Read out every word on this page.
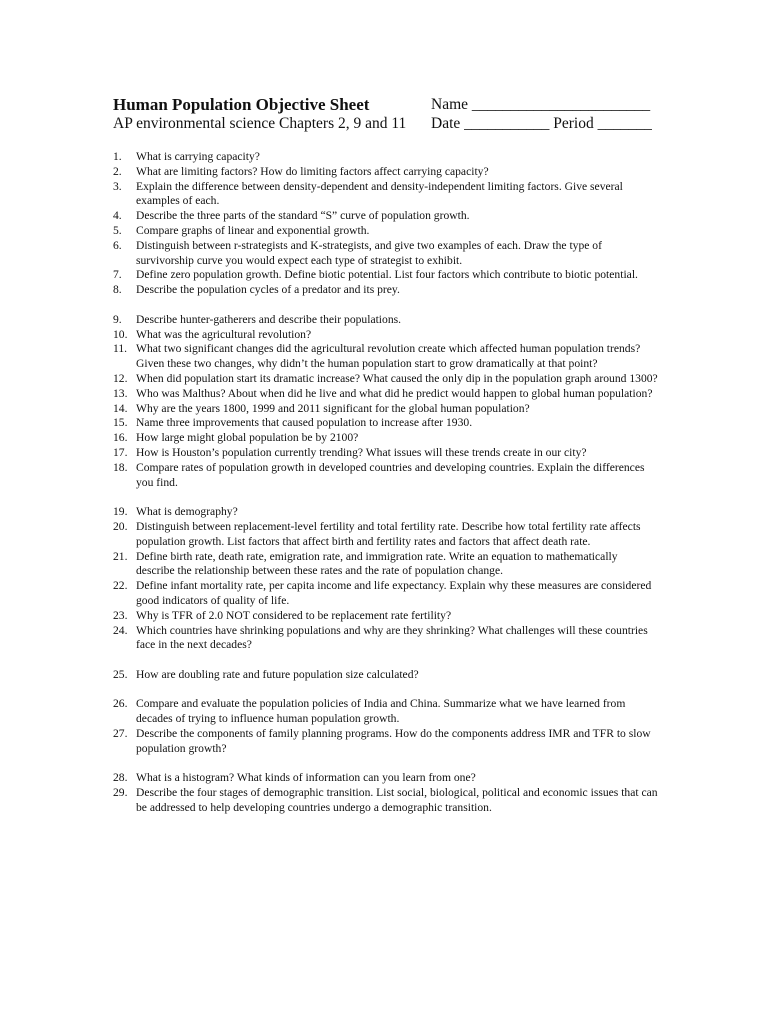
Human Population Objective Sheet
AP environmental science Chapters 2, 9 and 11
Name _______________________
Date ___________ Period _______
1.	What is carrying capacity?
2.	What are limiting factors? How do limiting factors affect carrying capacity?
3.	Explain the difference between density-dependent and density-independent limiting factors. Give several examples of each.
4.	Describe the three parts of the standard “S” curve of population growth.
5.	Compare graphs of linear and exponential growth.
6.	Distinguish between r-strategists and K-strategists, and give two examples of each. Draw the type of survivorship curve you would expect each type of strategist to exhibit.
7.	Define zero population growth. Define biotic potential. List four factors which contribute to biotic potential.
8.	Describe the population cycles of a predator and its prey.
9.	Describe hunter-gatherers and describe their populations.
10. What was the agricultural revolution?
11. What two significant changes did the agricultural revolution create which affected human population trends? Given these two changes, why didn’t the human population start to grow dramatically at that point?
12. When did population start its dramatic increase? What caused the only dip in the population graph around 1300?
13. Who was Malthus? About when did he live and what did he predict would happen to global human population?
14. Why are the years 1800, 1999 and 2011 significant for the global human population?
15. Name three improvements that caused population to increase after 1930.
16. How large might global population be by 2100?
17. How is Houston’s population currently trending? What issues will these trends create in our city?
18. Compare rates of population growth in developed countries and developing countries. Explain the differences you find.
19. What is demography?
20. Distinguish between replacement-level fertility and total fertility rate. Describe how total fertility rate affects population growth. List factors that affect birth and fertility rates and factors that affect death rate.
21. Define birth rate, death rate, emigration rate, and immigration rate. Write an equation to mathematically describe the relationship between these rates and the rate of population change.
22. Define infant mortality rate, per capita income and life expectancy. Explain why these measures are considered good indicators of quality of life.
23. Why is TFR of 2.0 NOT considered to be replacement rate fertility?
24. Which countries have shrinking populations and why are they shrinking? What challenges will these countries face in the next decades?
25. How are doubling rate and future population size calculated?
26. Compare and evaluate the population policies of India and China. Summarize what we have learned from decades of trying to influence human population growth.
27. Describe the components of family planning programs. How do the components address IMR and TFR to slow population growth?
28. What is a histogram? What kinds of information can you learn from one?
29. Describe the four stages of demographic transition. List social, biological, political and economic issues that can be addressed to help developing countries undergo a demographic transition.
